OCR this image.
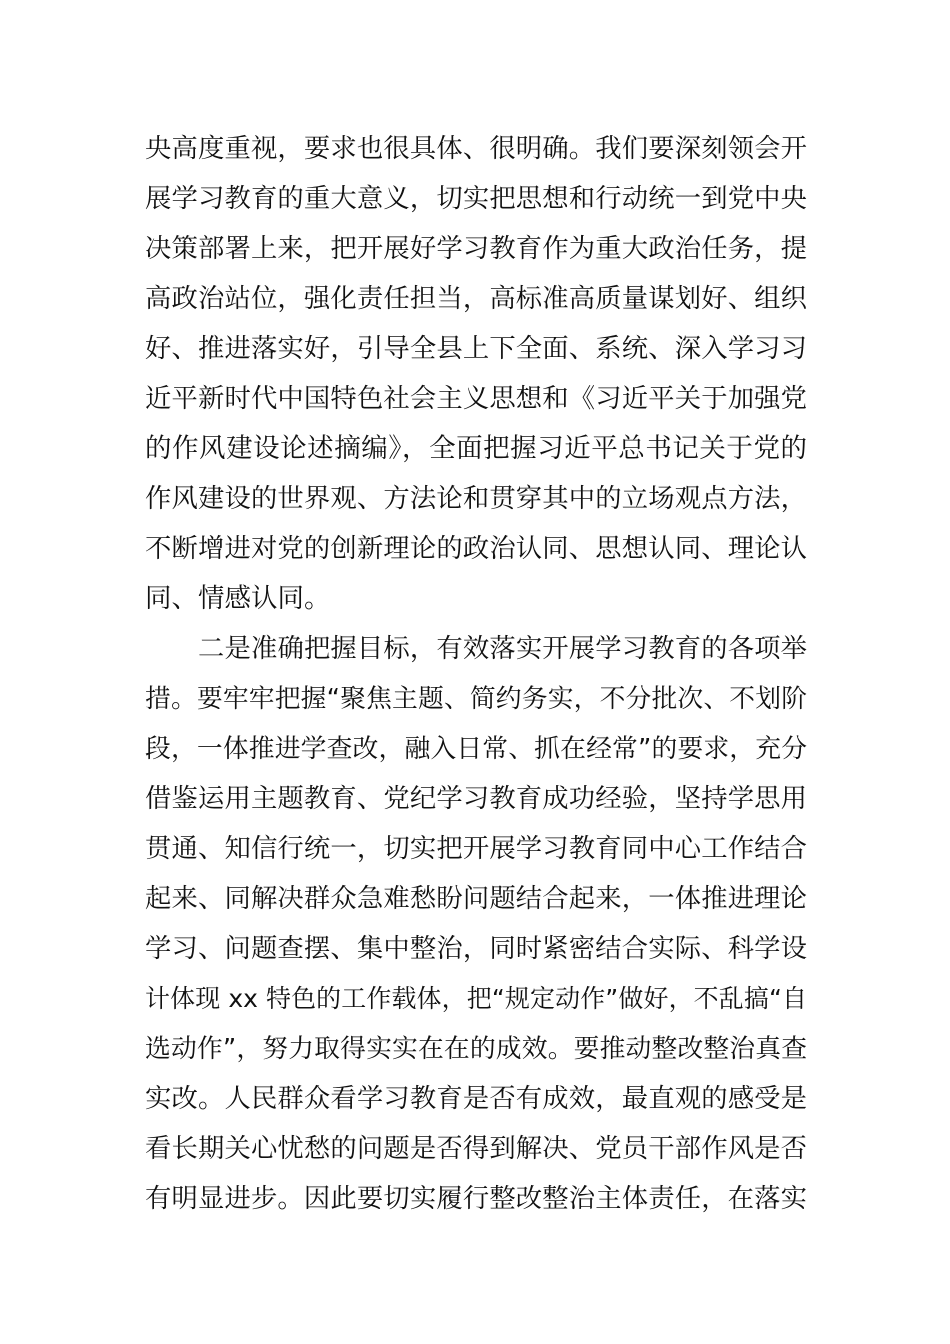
央高度重视，要求也很具体、很明确。我们要深刻领会开
展学习教育的重大意义，切实把思想和行动统一到党中央
决策部署上来，把开展好学习教育作为重大政治任务，提
高政治站位，强化责任担当，高标准高质量谋划好、组织
好、推进落实好，引导全县上下全面、系统、深入学习习
近平新时代中国特色社会主义思想和《习近平关于加强党
的作风建设论述摘编》，全面把握习近平总书记关于党的
作风建设的世界观、方法论和贯穿其中的立场观点方法，
不断增进对党的创新理论的政治认同、思想认同、理论认
同、情感认同。
二是准确把握目标，有效落实开展学习教育的各项举
措。要牢牢把握“聚焦主题、简约务实，不分批次、不划阶
段，一体推进学查改，融入日常、抓在经常”的要求，充分
借鉴运用主题教育、党纪学习教育成功经验，坚持学思用
贯通、知信行统一，切实把开展学习教育同中心工作结合
起来、同解决群众急难愁盼问题结合起来，一体推进理论
学习、问题查摆、集中整治，同时紧密结合实际、科学设
计体现 xx 特色的工作载体，把“规定动作”做好，不乱搞“自
选动作”，努力取得实实在在的成效。要推动整改整治真查
实改。人民群众看学习教育是否有成效，最直观的感受是
看长期关心忧愁的问题是否得到解决、党员干部作风是否
有明显进步。因此要切实履行整改整治主体责任，在落实
